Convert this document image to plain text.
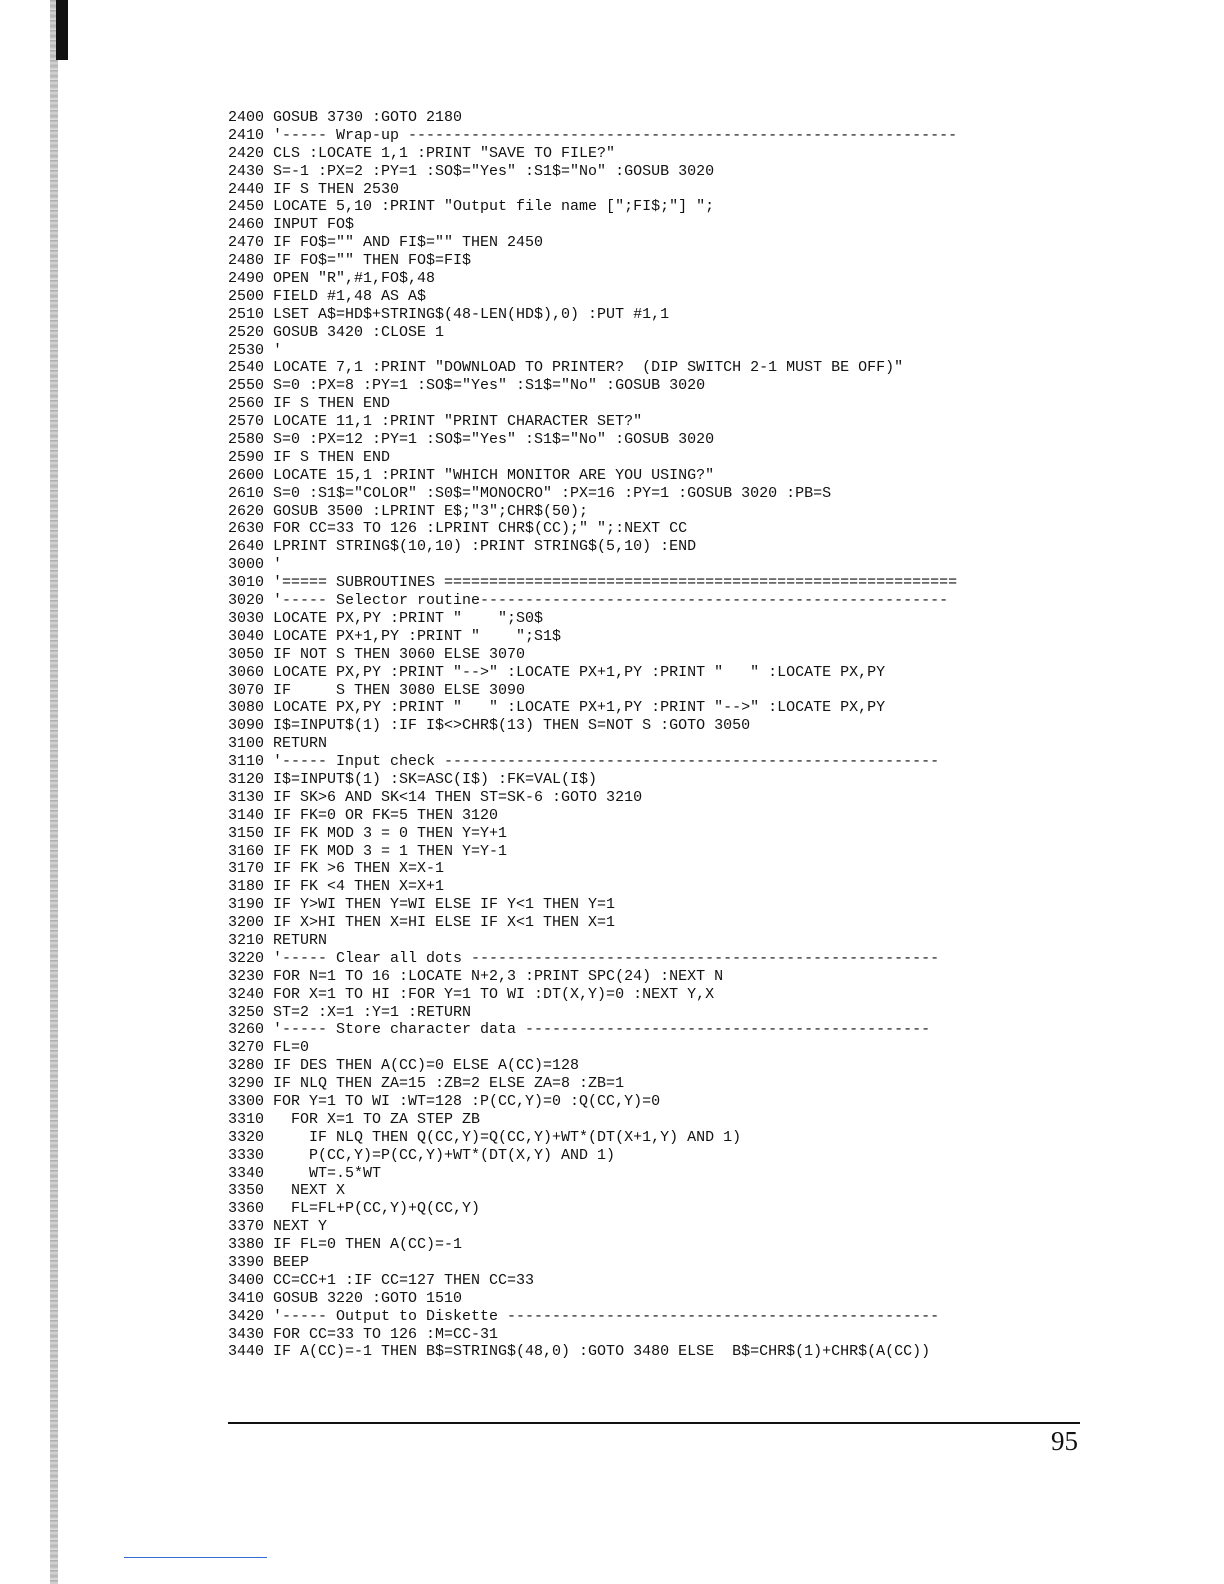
2400 GOSUB 3730 :GOTO 2180
2410 '----- Wrap-up -------------------------------------------------------------
2420 CLS :LOCATE 1,1 :PRINT "SAVE TO FILE?"
2430 S=-1 :PX=2 :PY=1 :SO$="Yes" :S1$="No" :GOSUB 3020
2440 IF S THEN 2530
2450 LOCATE 5,10 :PRINT "Output file name [";FI$;"] ";
2460 INPUT FO$
2470 IF FO$="" AND FI$="" THEN 2450
2480 IF FO$="" THEN FO$=FI$
2490 OPEN "R",#1,FO$,48
2500 FIELD #1,48 AS A$
2510 LSET A$=HD$+STRING$(48-LEN(HD$),0) :PUT #1,1
2520 GOSUB 3420 :CLOSE 1
2530 '
2540 LOCATE 7,1 :PRINT "DOWNLOAD TO PRINTER?  (DIP SWITCH 2-1 MUST BE OFF)"
2550 S=0 :PX=8 :PY=1 :SO$="Yes" :S1$="No" :GOSUB 3020
2560 IF S THEN END
2570 LOCATE 11,1 :PRINT "PRINT CHARACTER SET?"
2580 S=0 :PX=12 :PY=1 :SO$="Yes" :S1$="No" :GOSUB 3020
2590 IF S THEN END
2600 LOCATE 15,1 :PRINT "WHICH MONITOR ARE YOU USING?"
2610 S=0 :S1$="COLOR" :S0$="MONOCRO" :PX=16 :PY=1 :GOSUB 3020 :PB=S
2620 GOSUB 3500 :LPRINT E$;"3";CHR$(50);
2630 FOR CC=33 TO 126 :LPRINT CHR$(CC);" ";:NEXT CC
2640 LPRINT STRING$(10,10) :PRINT STRING$(5,10) :END
3000 '
3010 '===== SUBROUTINES =========================================================
3020 '----- Selector routine----------------------------------------------------
3030 LOCATE PX,PY :PRINT "    ";S0$
3040 LOCATE PX+1,PY :PRINT "    ";S1$
3050 IF NOT S THEN 3060 ELSE 3070
3060 LOCATE PX,PY :PRINT "-->" :LOCATE PX+1,PY :PRINT "   " :LOCATE PX,PY
3070 IF     S THEN 3080 ELSE 3090
3080 LOCATE PX,PY :PRINT "   " :LOCATE PX+1,PY :PRINT "-->" :LOCATE PX,PY
3090 I$=INPUT$(1) :IF I$<>CHR$(13) THEN S=NOT S :GOTO 3050
3100 RETURN
3110 '----- Input check -------------------------------------------------------
3120 I$=INPUT$(1) :SK=ASC(I$) :FK=VAL(I$)
3130 IF SK>6 AND SK<14 THEN ST=SK-6 :GOTO 3210
3140 IF FK=0 OR FK=5 THEN 3120
3150 IF FK MOD 3 = 0 THEN Y=Y+1
3160 IF FK MOD 3 = 1 THEN Y=Y-1
3170 IF FK >6 THEN X=X-1
3180 IF FK <4 THEN X=X+1
3190 IF Y>WI THEN Y=WI ELSE IF Y<1 THEN Y=1
3200 IF X>HI THEN X=HI ELSE IF X<1 THEN X=1
3210 RETURN
3220 '----- Clear all dots ----------------------------------------------------
3230 FOR N=1 TO 16 :LOCATE N+2,3 :PRINT SPC(24) :NEXT N
3240 FOR X=1 TO HI :FOR Y=1 TO WI :DT(X,Y)=0 :NEXT Y,X
3250 ST=2 :X=1 :Y=1 :RETURN
3260 '----- Store character data ---------------------------------------------
3270 FL=0
3280 IF DES THEN A(CC)=0 ELSE A(CC)=128
3290 IF NLQ THEN ZA=15 :ZB=2 ELSE ZA=8 :ZB=1
3300 FOR Y=1 TO WI :WT=128 :P(CC,Y)=0 :Q(CC,Y)=0
3310   FOR X=1 TO ZA STEP ZB
3320     IF NLQ THEN Q(CC,Y)=Q(CC,Y)+WT*(DT(X+1,Y) AND 1)
3330     P(CC,Y)=P(CC,Y)+WT*(DT(X,Y) AND 1)
3340     WT=.5*WT
3350   NEXT X
3360   FL=FL+P(CC,Y)+Q(CC,Y)
3370 NEXT Y
3380 IF FL=0 THEN A(CC)=-1
3390 BEEP
3400 CC=CC+1 :IF CC=127 THEN CC=33
3410 GOSUB 3220 :GOTO 1510
3420 '----- Output to Diskette ------------------------------------------------
3430 FOR CC=33 TO 126 :M=CC-31
3440 IF A(CC)=-1 THEN B$=STRING$(48,0) :GOTO 3480 ELSE  B$=CHR$(1)+CHR$(A(CC))
95
